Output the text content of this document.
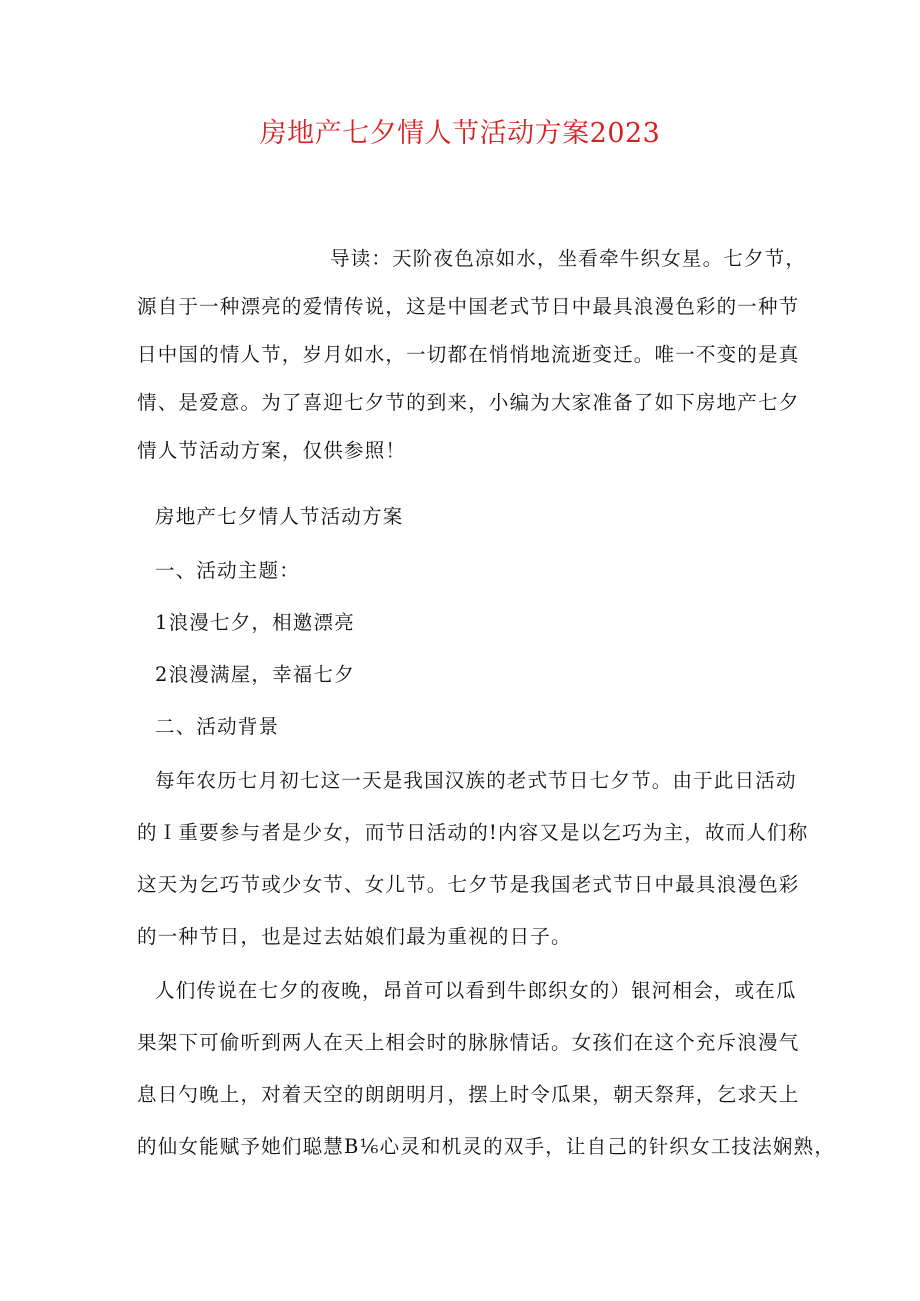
房地产七夕情人节活动方案2023
导读：天阶夜色凉如水，坐看牵牛织女星。七夕节，
源自于一种漂亮的爱情传说，这是中国老式节日中最具浪漫色彩的一种节
日中国的情人节，岁月如水，一切都在悄悄地流逝变迁。唯一不变的是真
情、是爱意。为了喜迎七夕节的到来，小编为大家准备了如下房地产七夕
情人节活动方案，仅供参照！
房地产七夕情人节活动方案
一、活动主题：
1浪漫七夕，相邀漂亮
2浪漫满屋，幸福七夕
二、活动背景
每年农历七月初七这一天是我国汉族的老式节日七夕节。由于此日活动
的Ｉ重要参与者是少女，而节日活动的!内容又是以乞巧为主，故而人们称
这天为乞巧节或少女节、女儿节。七夕节是我国老式节日中最具浪漫色彩
的一种节日，也是过去姑娘们最为重视的日子。
人们传说在七夕的夜晚，昂首可以看到牛郎织女的）银河相会，或在瓜
果架下可偷听到两人在天上相会时的脉脉情话。女孩们在这个充斥浪漫气
息日勺晚上，对着天空的朗朗明月，摆上时令瓜果，朝天祭拜，乞求天上
的仙女能赋予她们聪慧B⅙心灵和机灵的双手，让自己的针织女工技法娴熟，
